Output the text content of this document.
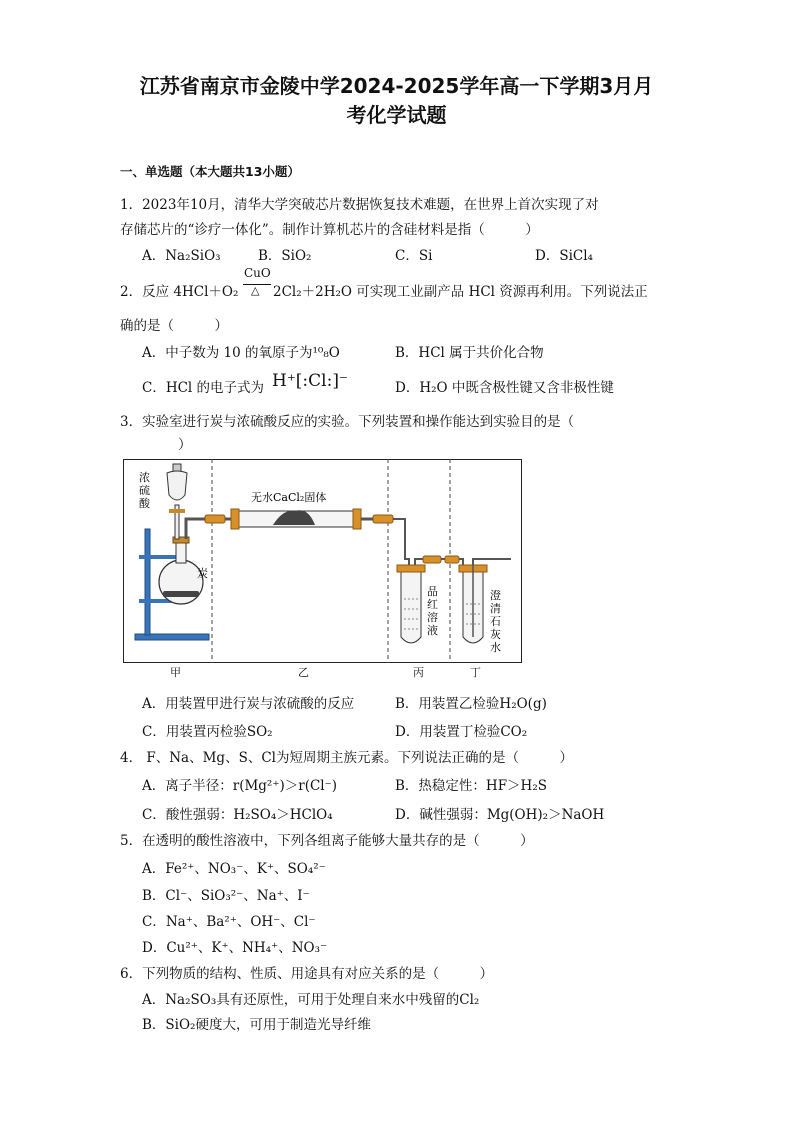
江苏省南京市金陵中学2024-2025学年高一下学期3月月
考化学试题
一、单选题（本大题共13小题）
1．2023年10月，清华大学突破芯片数据恢复技术难题，在世界上首次实现了对
存储芯片的“诊疗一体化”。制作计算机芯片的含硅材料是指（　　　）
A．Na₂SiO₃	B．SiO₂	C．Si	D．SiCl₄
2．反应 4HCl＋O₂
CuO
△ 2Cl₂＋2H₂O 可实现工业副产品 HCl 资源再利用。下列说法正
确的是（　　　）
A．中子数为 10 的氧原子为¹⁰₈O	B．HCl 属于共价化合物
C．HCl 的电子式为 H⁺[:Cl:]⁻	D．H₂O 中既含极性键又含非极性键
3．实验室进行炭与浓硫酸反应的实验。下列装置和操作能达到实验目的是（
）
浓
硫
酸
炭
无水CaCl₂固体
品
红
溶
液
澄
清
石
灰
水
甲	乙	丙	丁
A．用装置甲进行炭与浓硫酸的反应	B．用装置乙检验H₂O(g)
C．用装置丙检验SO₂	D．用装置丁检验CO₂
4． F、Na、Mg、S、Cl为短周期主族元素。下列说法正确的是（　　　）
A．离子半径：r(Mg²⁺)＞r(Cl⁻)	B．热稳定性：HF＞H₂S
C．酸性强弱：H₂SO₄＞HClO₄	D．碱性强弱：Mg(OH)₂＞NaOH
5．在透明的酸性溶液中，下列各组离子能够大量共存的是（　　　）
A．Fe²⁺、NO₃⁻、K⁺、SO₄²⁻
B．Cl⁻、SiO₃²⁻、Na⁺、I⁻
C．Na⁺、Ba²⁺、OH⁻、Cl⁻
D．Cu²⁺、K⁺、NH₄⁺、NO₃⁻
6．下列物质的结构、性质、用途具有对应关系的是（　　　）
A．Na₂SO₃具有还原性，可用于处理自来水中残留的Cl₂
B．SiO₂硬度大，可用于制造光导纤维
